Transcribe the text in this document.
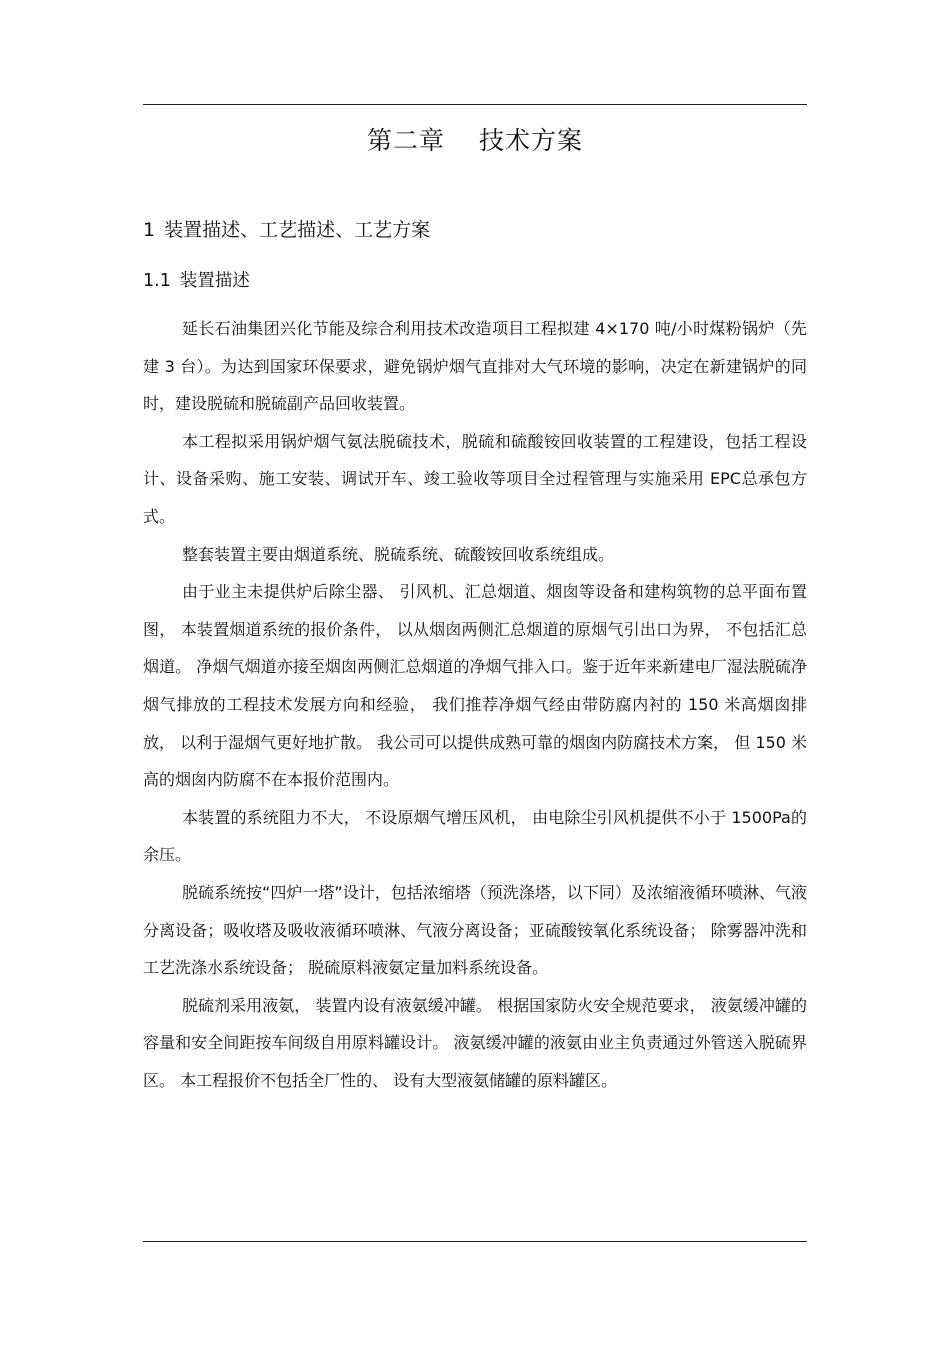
第二章 技术方案
1 装置描述、工艺描述、工艺方案
1.1 装置描述

延长石油集团兴化节能及综合利用技术改造项目工程拟建 4×170 吨/小时煤粉锅炉（先建 3 台）。为达到国家环保要求，避免锅炉烟气直排对大气环境的影响，决定在新建锅炉的同时，建设脱硫和脱硫副产品回收装置。

本工程拟采用锅炉烟气氨法脱硫技术，脱硫和硫酸铵回收装置的工程建设，包括工程设计、设备采购、施工安装、调试开车、竣工验收等项目全过程管理与实施采用 EPC总承包方式。

整套装置主要由烟道系统、脱硫系统、硫酸铵回收系统组成。

由于业主未提供炉后除尘器、 引风机、汇总烟道、烟囱等设备和建构筑物的总平面布置图， 本装置烟道系统的报价条件， 以从烟囱两侧汇总烟道的原烟气引出口为界， 不包括汇总烟道。 净烟气烟道亦接至烟囱两侧汇总烟道的净烟气排入口。鉴于近年来新建电厂湿法脱硫净烟气排放的工程技术发展方向和经验， 我们推荐净烟气经由带防腐内衬的 150 米高烟囱排放， 以利于湿烟气更好地扩散。 我公司可以提供成熟可靠的烟囱内防腐技术方案， 但 150 米高的烟囱内防腐不在本报价范围内。

本装置的系统阻力不大， 不设原烟气增压风机， 由电除尘引风机提供不小于 1500Pa的余压。

脱硫系统按“四炉一塔”设计，包括浓缩塔（预洗涤塔，以下同）及浓缩液循环喷淋、气液分离设备；吸收塔及吸收液循环喷淋、气液分离设备；亚硫酸铵氧化系统设备； 除雾器冲洗和工艺洗涤水系统设备； 脱硫原料液氨定量加料系统设备。

脱硫剂采用液氨， 装置内设有液氨缓冲罐。 根据国家防火安全规范要求， 液氨缓冲罐的容量和安全间距按车间级自用原料罐设计。 液氨缓冲罐的液氨由业主负责通过外管送入脱硫界区。 本工程报价不包括全厂性的、 设有大型液氨储罐的原料罐区。
